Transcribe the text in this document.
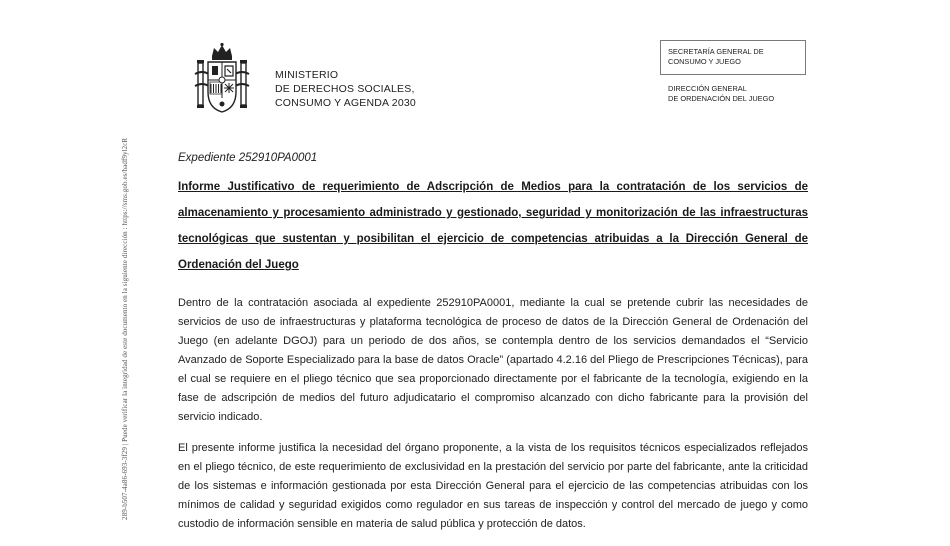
289-b507-4a86-693-3f29 | Puede verificar la integridad de este documento en la siguiente dirección : https://sms.gob.es/hadf9yl2cR
MINISTERIO
DE DERECHOS SOCIALES,
CONSUMO Y AGENDA 2030
SECRETARÍA GENERAL DE
CONSUMO Y JUEGO
DIRECCIÓN GENERAL
DE ORDENACIÓN DEL JUEGO

Expediente 252910PA0001

Informe Justificativo de requerimiento de Adscripción de Medios para la contratación de los servicios de almacenamiento y procesamiento administrado y gestionado, seguridad y monitorización de las infraestructuras tecnológicas que sustentan y posibilitan el ejercicio de competencias atribuidas a la Dirección General de Ordenación del Juego

Dentro de la contratación asociada al expediente 252910PA0001, mediante la cual se pretende cubrir las necesidades de servicios de uso de infraestructuras y plataforma tecnológica de proceso de datos de la Dirección General de Ordenación del Juego (en adelante DGOJ) para un periodo de dos años, se contempla dentro de los servicios demandados el “Servicio Avanzado de Soporte Especializado para la base de datos Oracle” (apartado 4.2.16 del Pliego de Prescripciones Técnicas), para el cual se requiere en el pliego técnico que sea proporcionado directamente por el fabricante de la tecnología, exigiendo en la fase de adscripción de medios del futuro adjudicatario el compromiso alcanzado con dicho fabricante para la provisión del servicio indicado.

El presente informe justifica la necesidad del órgano proponente, a la vista de los requisitos técnicos especializados reflejados en el pliego técnico, de este requerimiento de exclusividad en la prestación del servicio por parte del fabricante, ante la criticidad de los sistemas e información gestionada por esta Dirección General para el ejercicio de las competencias atribuidas con los mínimos de calidad y seguridad exigidos como regulador en sus tareas de inspección y control del mercado de juego y como custodio de información sensible en materia de salud pública y protección de datos.
